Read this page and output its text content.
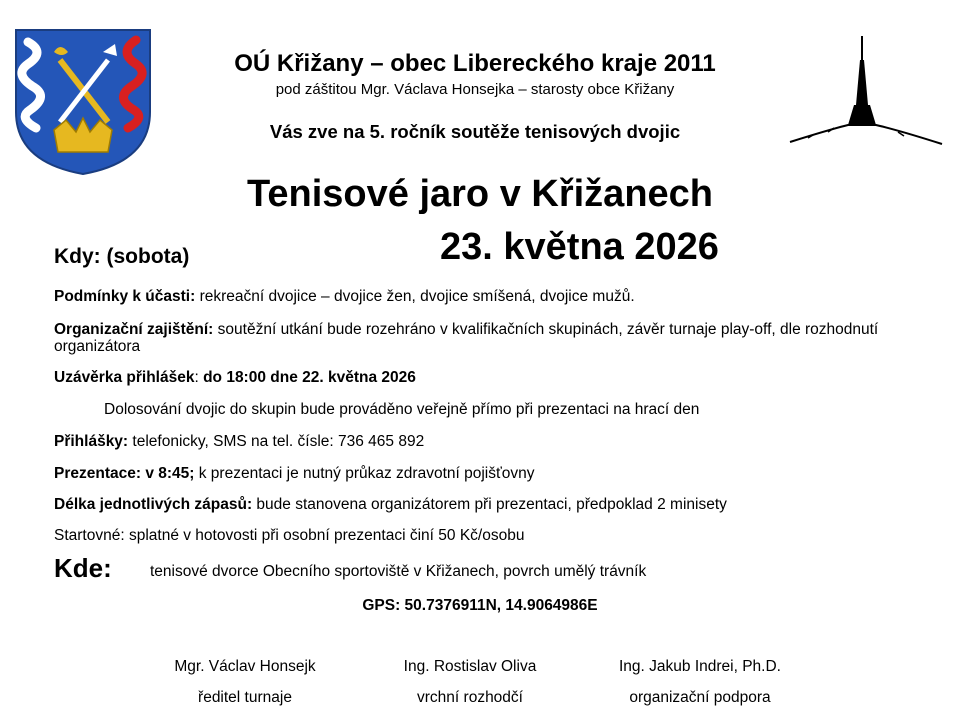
OÚ Křižany – obec Libereckého kraje 2011
pod záštitou Mgr. Václava Honsejka – starosty obce Křižany
Vás zve na 5. ročník soutěže tenisových dvojic
Tenisové jaro v Křižanech
Kdy: (sobota)	23. května 2026
Podmínky k účasti: rekreační dvojice – dvojice žen, dvojice smíšená, dvojice mužů.
Organizační zajištění: soutěžní utkání bude rozehráno v kvalifikačních skupinách, závěr turnaje play-off, dle rozhodnutí organizátora
Uzávěrka přihlášek: do 18:00 dne 22. května 2026
Dolosování dvojic do skupin bude prováděno veřejně přímo při prezentaci na hrací den
Přihlášky: telefonicky, SMS na tel. čísle: 736 465 892
Prezentace: v 8:45; k prezentaci je nutný průkaz zdravotní pojišťovny
Délka jednotlivých zápasů: bude stanovena organizátorem při prezentaci, předpoklad 2 minisety
Startovné: splatné v hotovosti při osobní prezentaci činí 50 Kč/osobu
Kde: tenisové dvorce Obecního sportoviště v Křižanech, povrch umělý trávník
GPS: 50.7376911N, 14.9064986E
Mgr. Václav Honsejk
ředitel turnaje
Ing. Rostislav Oliva
vrchní rozhodčí
Ing. Jakub Indrei, Ph.D.
organizační podpora
